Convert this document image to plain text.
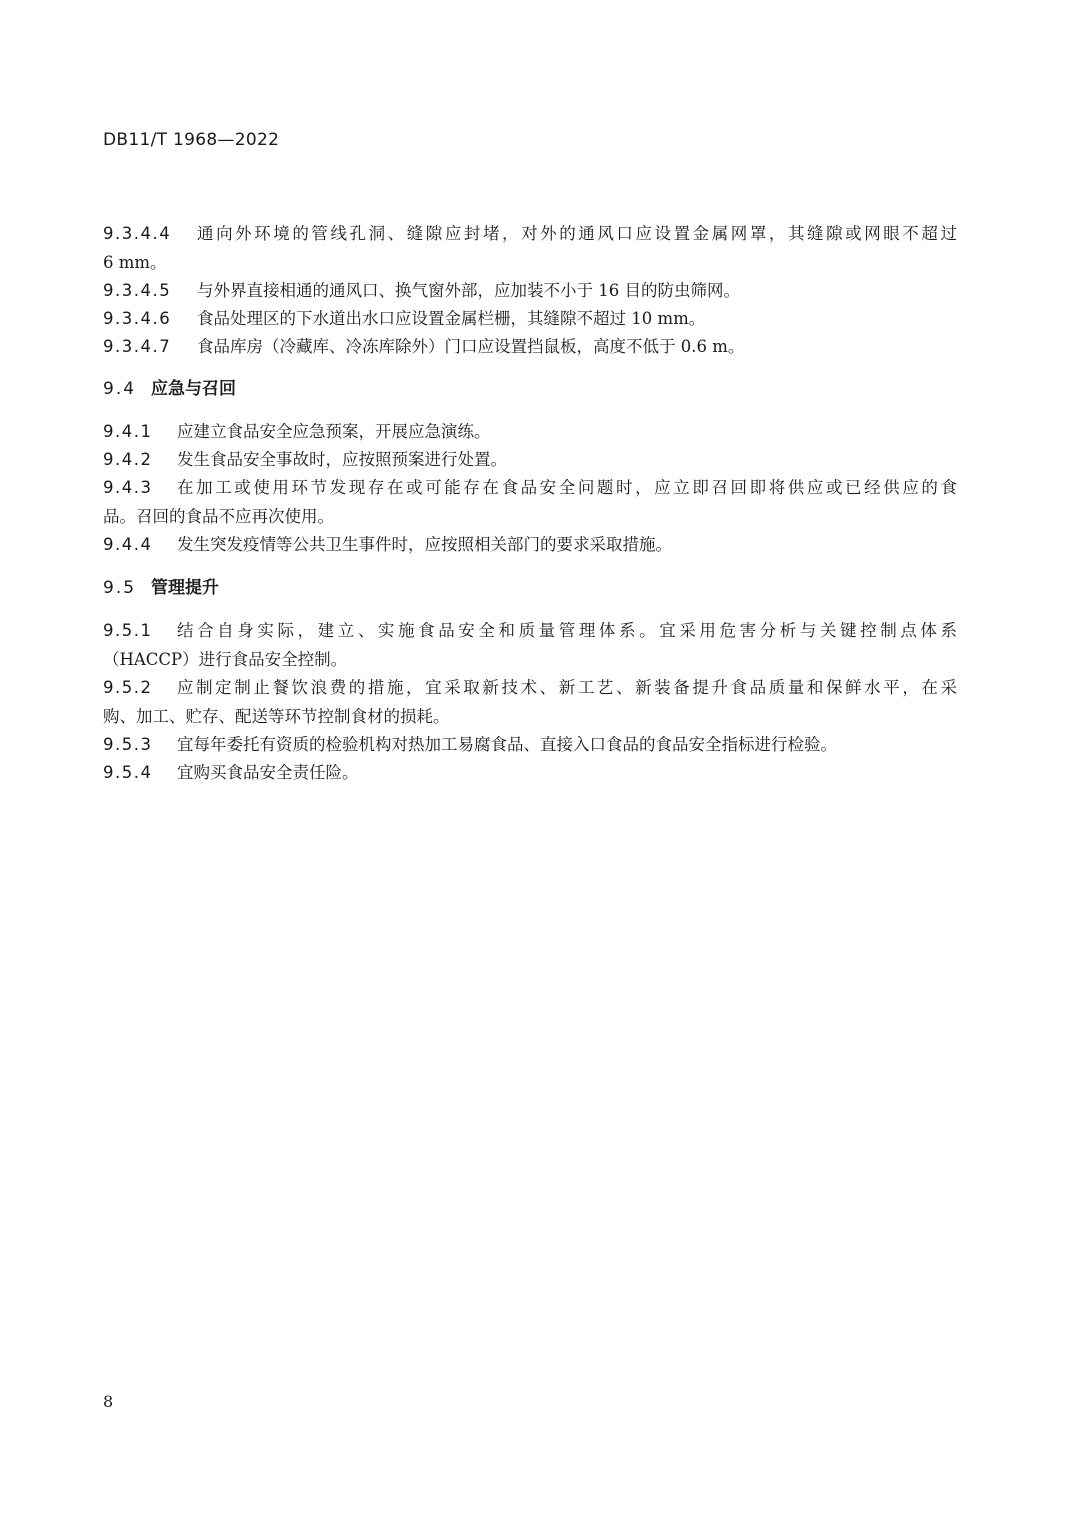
DB11/T 1968—2022
9.3.4.4 通向外环境的管线孔洞、缝隙应封堵，对外的通风口应设置金属网罩，其缝隙或网眼不超过
6 mm。
9.3.4.5 与外界直接相通的通风口、换气窗外部，应加装不小于 16 目的防虫筛网。
9.3.4.6 食品处理区的下水道出水口应设置金属栏栅，其缝隙不超过 10 mm。
9.3.4.7 食品库房（冷藏库、冷冻库除外）门口应设置挡鼠板，高度不低于 0.6 m。
9.4 应急与召回
9.4.1 应建立食品安全应急预案，开展应急演练。
9.4.2 发生食品安全事故时，应按照预案进行处置。
9.4.3 在加工或使用环节发现存在或可能存在食品安全问题时，应立即召回即将供应或已经供应的食
品。召回的食品不应再次使用。
9.4.4 发生突发疫情等公共卫生事件时，应按照相关部门的要求采取措施。
9.5 管理提升
9.5.1 结合自身实际，建立、实施食品安全和质量管理体系。宜采用危害分析与关键控制点体系
（HACCP）进行食品安全控制。
9.5.2 应制定制止餐饮浪费的措施，宜采取新技术、新工艺、新装备提升食品质量和保鲜水平，在采
购、加工、贮存、配送等环节控制食材的损耗。
9.5.3 宜每年委托有资质的检验机构对热加工易腐食品、直接入口食品的食品安全指标进行检验。
9.5.4 宜购买食品安全责任险。
8
